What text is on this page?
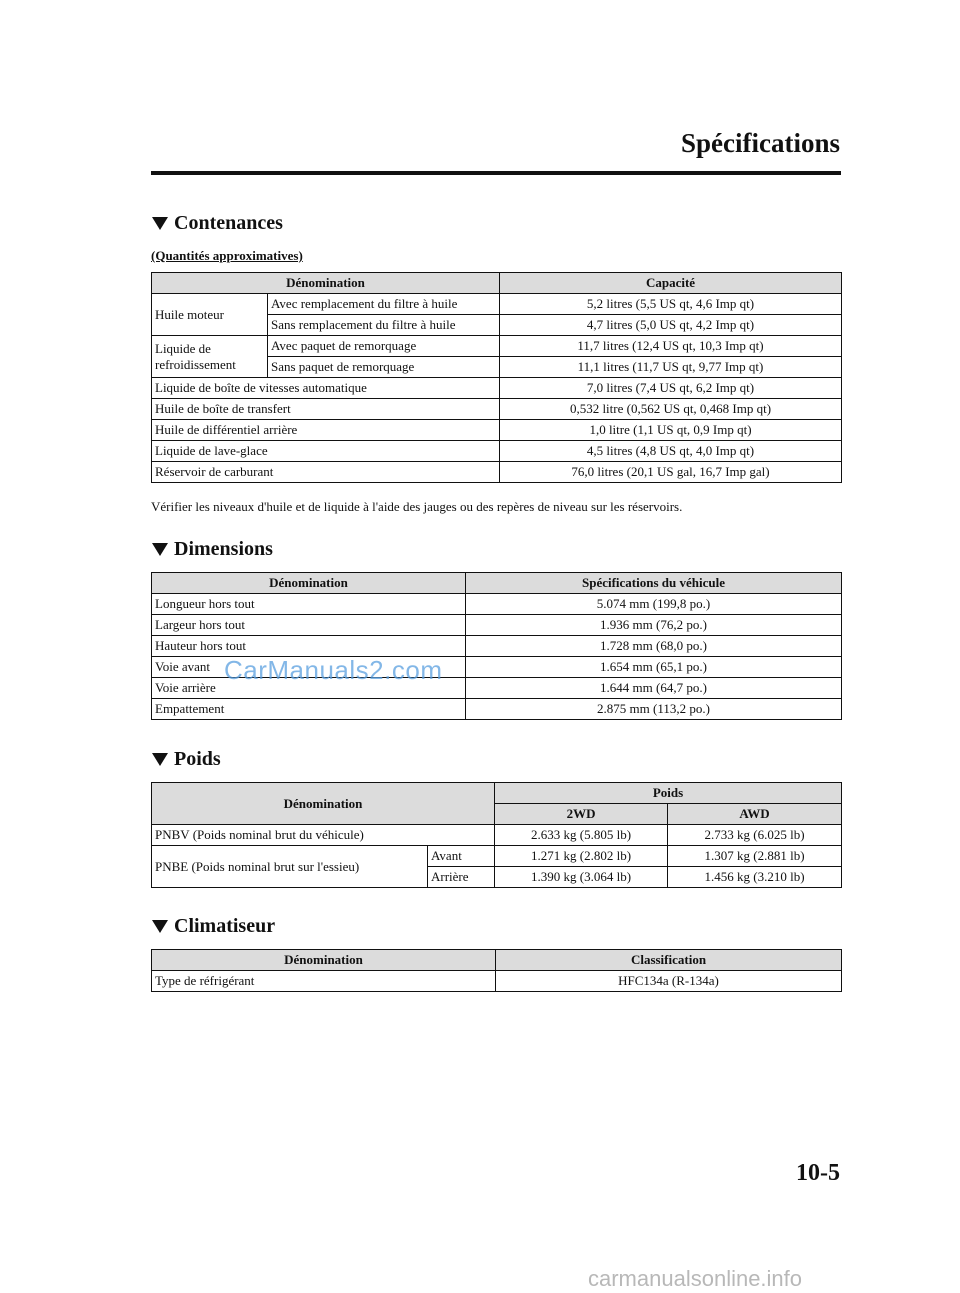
Spécifications
Contenances
(Quantités approximatives)
Dénomination		Capacité
Huile moteur	Avec remplacement du filtre à huile	5,2 litres (5,5 US qt, 4,6 Imp qt)
	Sans remplacement du filtre à huile	4,7 litres (5,0 US qt, 4,2 Imp qt)
Liquide de refroidissement	Avec paquet de remorquage	11,7 litres (12,4 US qt, 10,3 Imp qt)
	Sans paquet de remorquage	11,1 litres (11,7 US qt, 9,77 Imp qt)
Liquide de boîte de vitesses automatique		7,0 litres (7,4 US qt, 6,2 Imp qt)
Huile de boîte de transfert		0,532 litre (0,562 US qt, 0,468 Imp qt)
Huile de différentiel arrière		1,0 litre (1,1 US qt, 0,9 Imp qt)
Liquide de lave-glace		4,5 litres (4,8 US qt, 4,0 Imp qt)
Réservoir de carburant		76,0 litres (20,1 US gal, 16,7 Imp gal)
Vérifier les niveaux d'huile et de liquide à l'aide des jauges ou des repères de niveau sur les réservoirs.
Dimensions
Dénomination	Spécifications du véhicule
Longueur hors tout	5.074 mm (199,8 po.)
Largeur hors tout	1.936 mm (76,2 po.)
Hauteur hors tout	1.728 mm (68,0 po.)
Voie avant	1.654 mm (65,1 po.)
Voie arrière	1.644 mm (64,7 po.)
Empattement	2.875 mm (113,2 po.)
Poids
Dénomination		Poids	
		2WD	AWD
PNBV (Poids nominal brut du véhicule)		2.633 kg (5.805 lb)	2.733 kg (6.025 lb)
PNBE (Poids nominal brut sur l'essieu)	Avant	1.271 kg (2.802 lb)	1.307 kg (2.881 lb)
	Arrière	1.390 kg (3.064 lb)	1.456 kg (3.210 lb)
Climatiseur
Dénomination	Classification
Type de réfrigérant	HFC134a (R-134a)
10-5
CarManuals2.com
carmanualsonline.info
